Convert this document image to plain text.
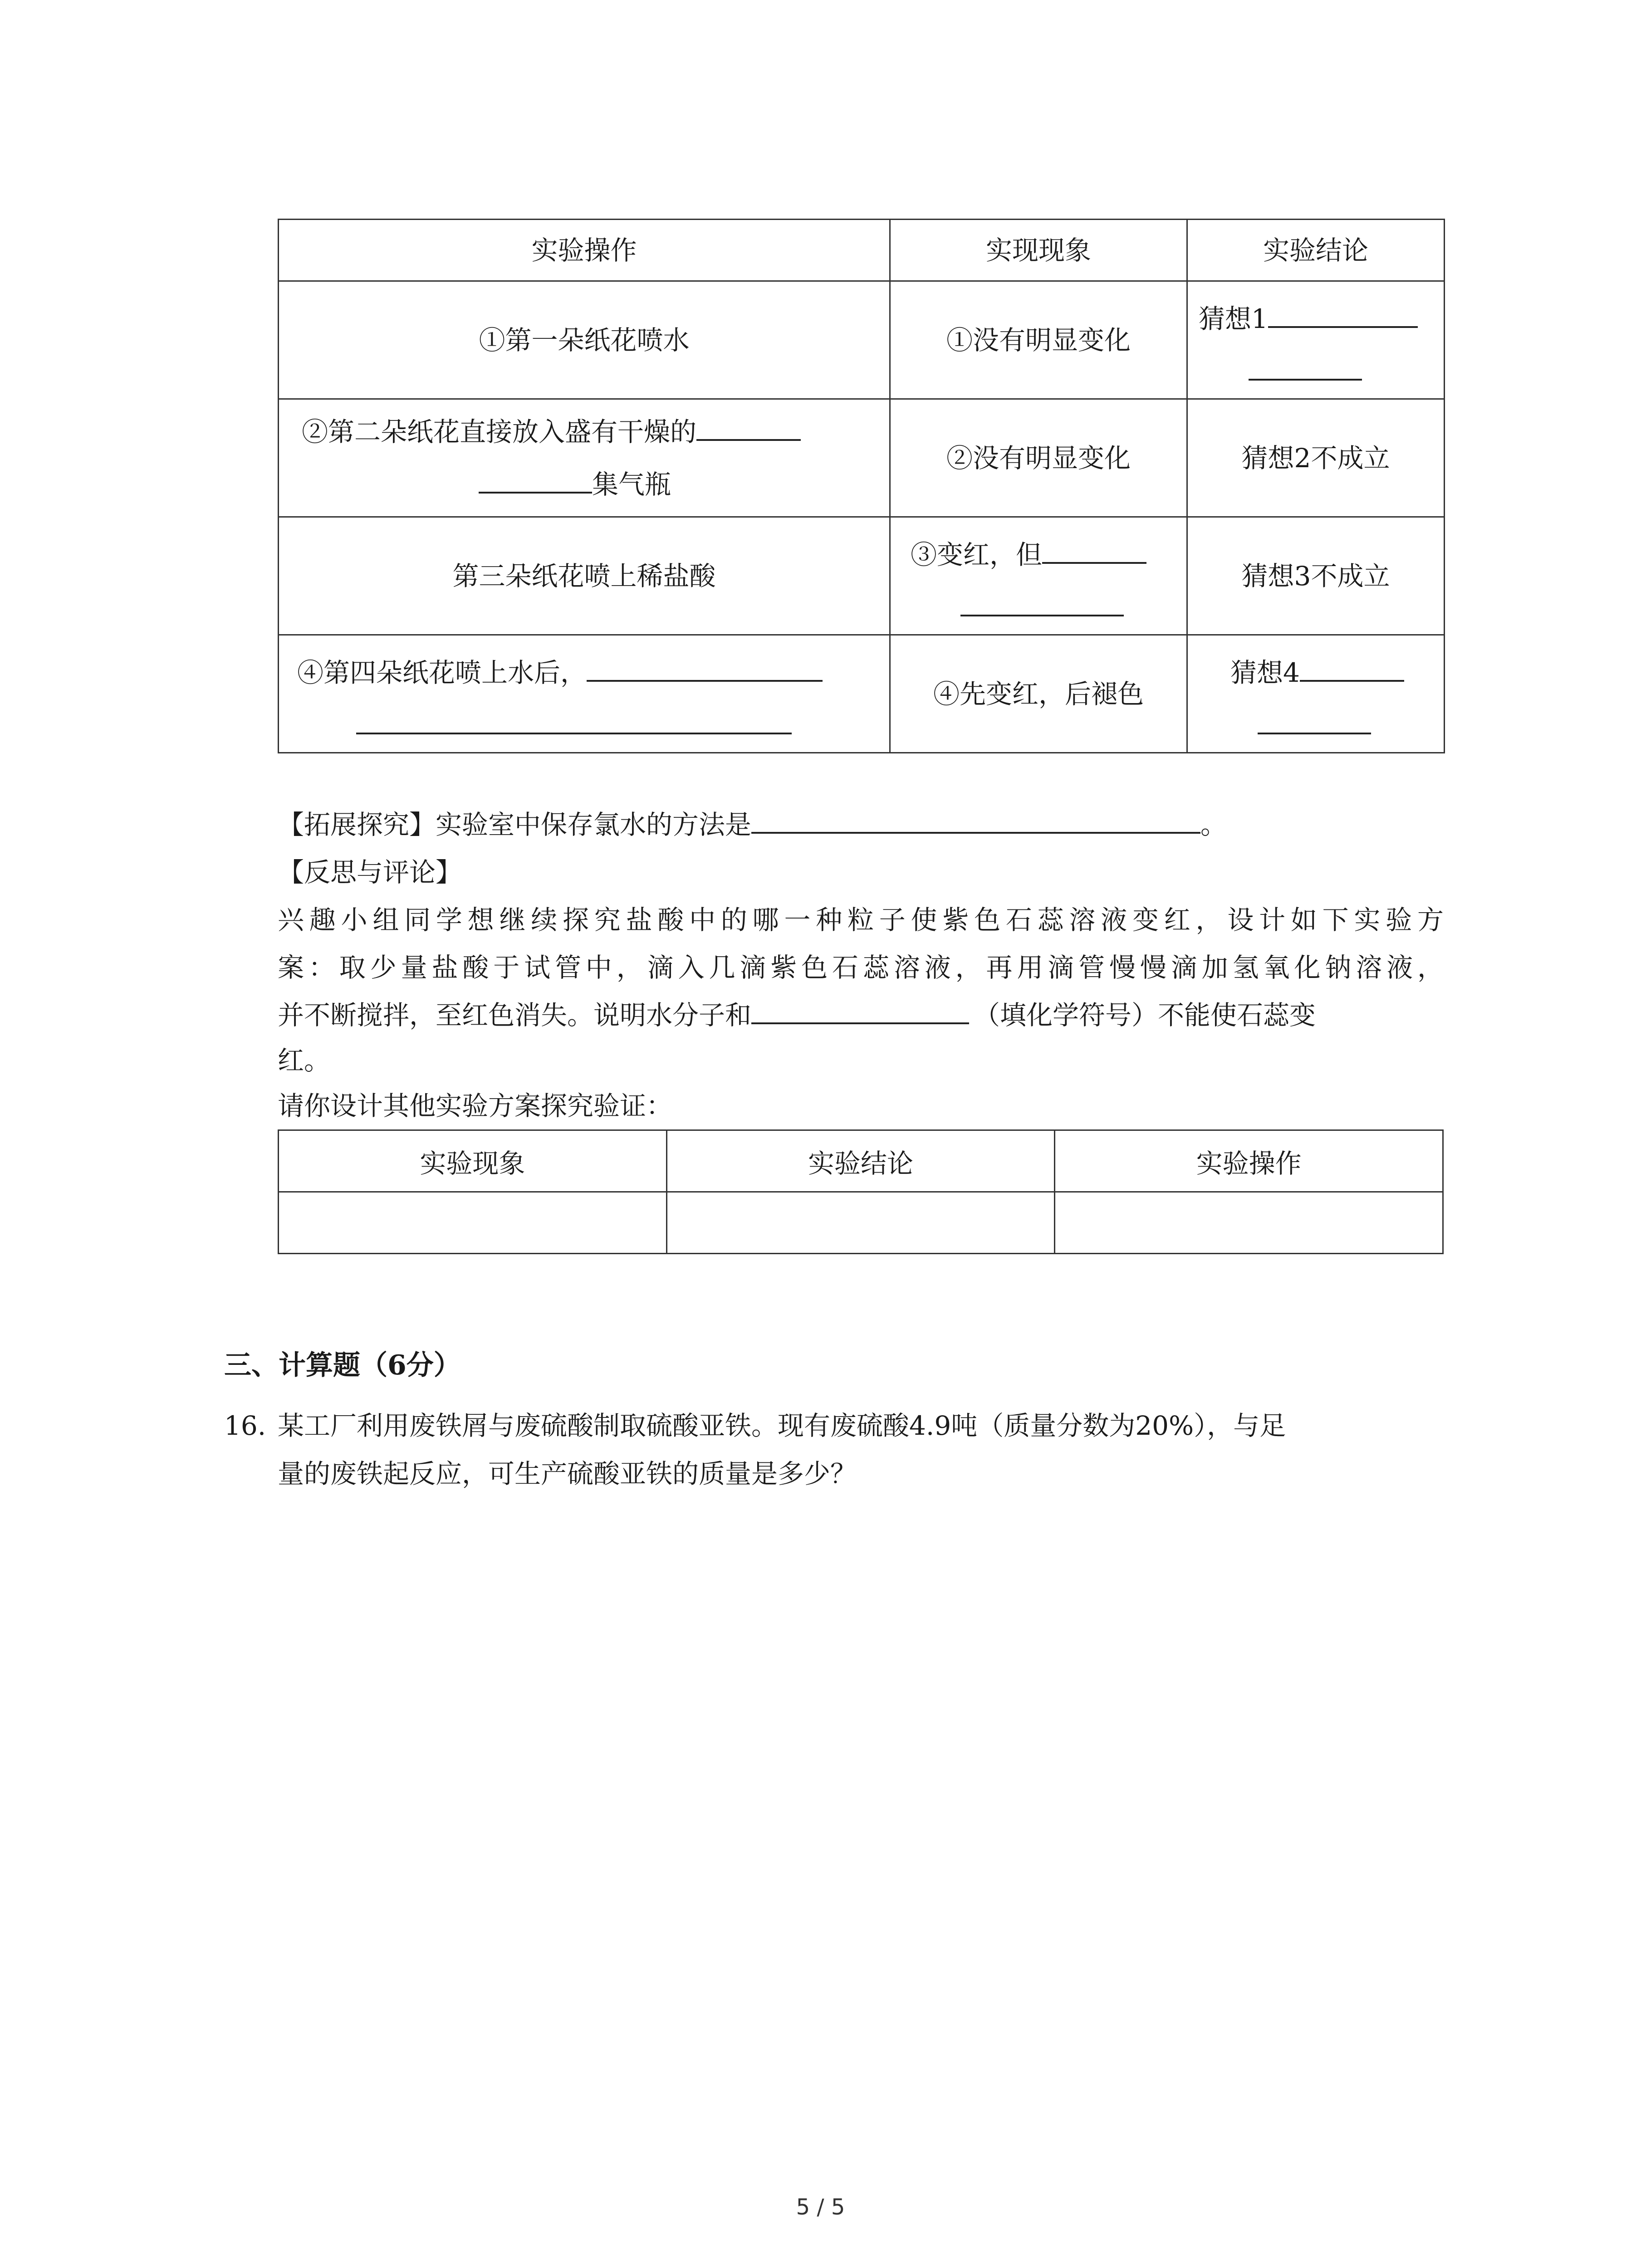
实验操作	实现现象	实验结论
①第一朵纸花喷水	①没有明显变化	猜想1

②第二朵纸花直接放入盛有干燥的
集气瓶	②没有明显变化	猜想2不成立
第三朵纸花喷上稀盐酸	③变红，但	猜想3不成立

④第四朵纸花喷上水后，	④先变红，后褪色	猜想4
【拓展探究】实验室中保存氯水的方法是	。
【反思与评论】
兴趣小组同学想继续探究盐酸中的哪一种粒子使紫色石蕊溶液变红，设计如下实验方
案：取少量盐酸于试管中，滴入几滴紫色石蕊溶液，再用滴管慢慢滴加氢氧化钠溶液，
并不断搅拌，至红色消失。说明水分子和	（填化学符号）不能使石蕊变
红。
请你设计其他实验方案探究验证：
实验现象	实验结论	实验操作

三、计算题（6分）
16. 某工厂利用废铁屑与废硫酸制取硫酸亚铁。现有废硫酸4.9吨（质量分数为20%），与足
量的废铁起反应，可生产硫酸亚铁的质量是多少？
5 / 5
